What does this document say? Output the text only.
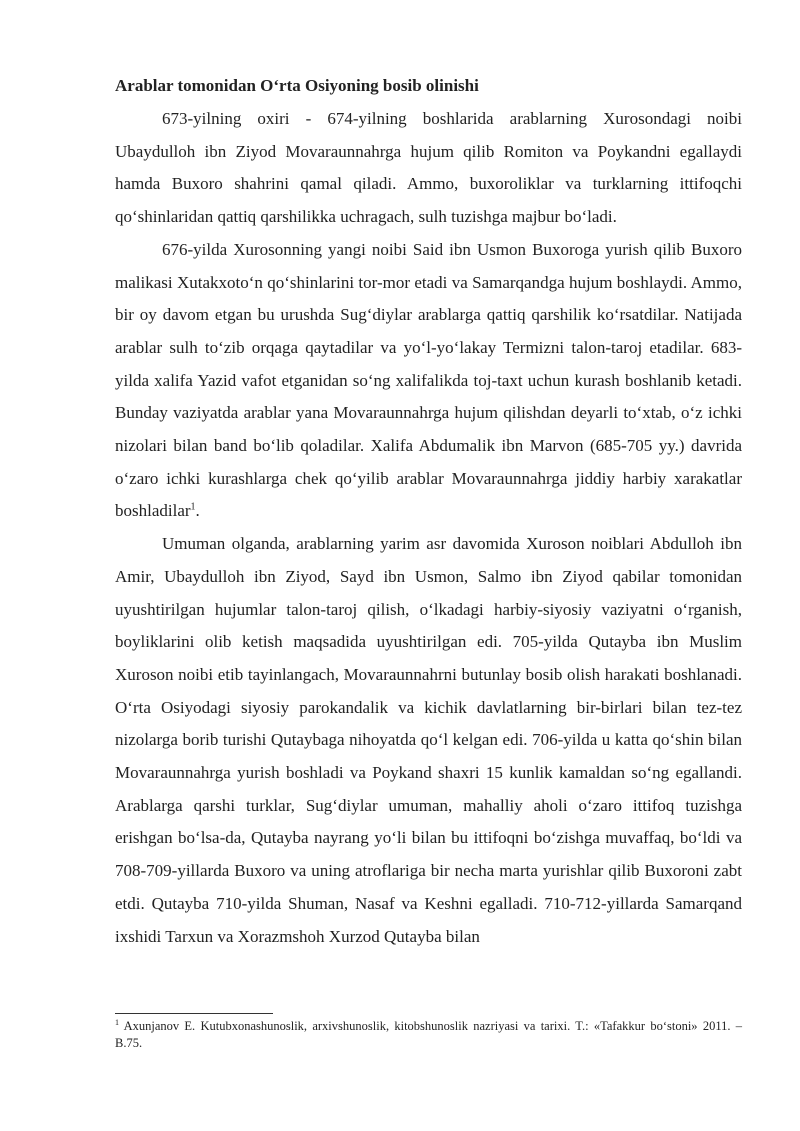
Arablar tomonidan O‘rta Osiyoning bosib olinishi

673-yilning oxiri - 674-yilning boshlarida arablarning Xurosondagi noibi Ubaydulloh ibn Ziyod Movaraunnahrga hujum qilib Romiton va Poykandni egallaydi hamda Buxoro shahrini qamal qiladi. Ammo, buxoroliklar va turklarning ittifoqchi qo‘shinlaridan qattiq qarshilikka uchragach, sulh tuzishga majbur bo‘ladi.

676-yilda Xurosonning yangi noibi Said ibn Usmon Buxoroga yurish qilib Buxoro malikasi Xutakxoto‘n qo‘shinlarini tor-mor etadi va Samarqandga hujum boshlaydi. Ammo, bir oy davom etgan bu urushda Sug‘diylar arablarga qattiq qarshilik ko‘rsatdilar. Natijada arablar sulh to‘zib orqaga qaytadilar va yo‘l-yo‘lakay Termizni talon-taroj etadilar. 683-yilda xalifa Yazid vafot etganidan so‘ng xalifalikda toj-taxt uchun kurash boshlanib ketadi. Bunday vaziyatda arablar yana Movaraunnahrga hujum qilishdan deyarli to‘xtab, o‘z ichki nizolari bilan band bo‘lib qoladilar. Xalifa Abdumalik ibn Marvon (685-705 yy.) davrida o‘zaro ichki kurashlarga chek qo‘yilib arablar Movaraunnahrga jiddiy harbiy xarakatlar boshladilar$^1$.

Umuman olganda, arablarning yarim asr davomida Xuroson noiblari Abdulloh ibn Amir, Ubaydulloh ibn Ziyod, Sayd ibn Usmon, Salmo ibn Ziyod qabilar tomonidan uyushtirilgan hujumlar talon-taroj qilish, o‘lkadagi harbiy-siyosiy vaziyatni o‘rganish, boyliklarini olib ketish maqsadida uyushtirilgan edi. 705-yilda Qutayba ibn Muslim Xuroson noibi etib tayinlangach, Movaraunnahrni butunlay bosib olish harakati boshlanadi. O‘rta Osiyodagi siyosiy parokandalik va kichik davlatlarning bir-birlari bilan tez-tez nizolarga borib turishi Qutaybaga nihoyatda qo‘l kelgan edi. 706-yilda u katta qo‘shin bilan Movaraunnahrga yurish boshladi va Poykand shaxri 15 kunlik kamaldan so‘ng egallandi.

Arablarga qarshi turklar, Sug‘diylar umuman, mahalliy aholi o‘zaro ittifoq tuzishga erishgan bo‘lsa-da, Qutayba nayrang yo‘li bilan bu ittifoqni bo‘zishga muvaffaq, bo‘ldi va 708-709-yillarda Buxoro va uning atroflariga bir necha marta yurishlar qilib Buxoroni zabt etdi. Qutayba 710-yilda Shuman, Nasaf va Keshni egalladi. 710-712-yillarda Samarqand ixshidi Tarxun va Xorazmshoh Xurzod Qutayba bilan

$^1$ Axunjanov E. Kutubxonashunoslik, arxivshunoslik, kitobshunoslik nazriyasi va tarixi. T.: «Tafakkur bo‘stoni» 2011. – B.75.
